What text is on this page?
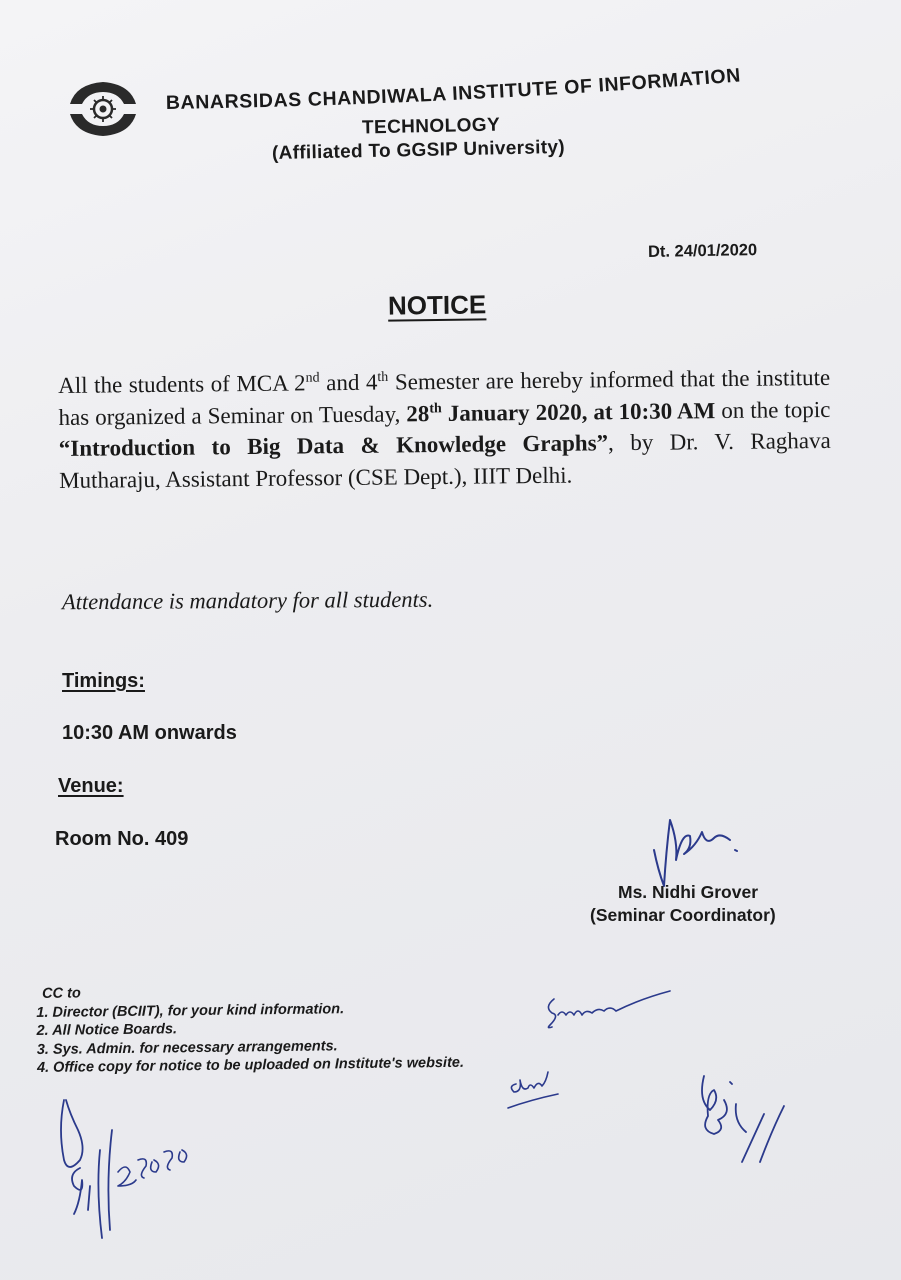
BANARSIDAS CHANDIWALA INSTITUTE OF INFORMATION
TECHNOLOGY
(Affiliated To GGSIP University)
Dt. 24/01/2020
NOTICE
All the students of MCA 2nd and 4th Semester are hereby informed that the institute has organized a Seminar on Tuesday, 28th January 2020, at 10:30 AM on the topic “Introduction to Big Data & Knowledge Graphs”, by Dr. V. Raghava Mutharaju, Assistant Professor (CSE Dept.), IIIT Delhi.
Attendance is mandatory for all students.
Timings:
10:30 AM onwards
Venue:
Room No. 409
Ms. Nidhi Grover
(Seminar Coordinator)
CC to
1. Director (BCIIT), for your kind information.
2. All Notice Boards.
3. Sys. Admin. for necessary arrangements.
4. Office copy for notice to be uploaded on Institute's website.
